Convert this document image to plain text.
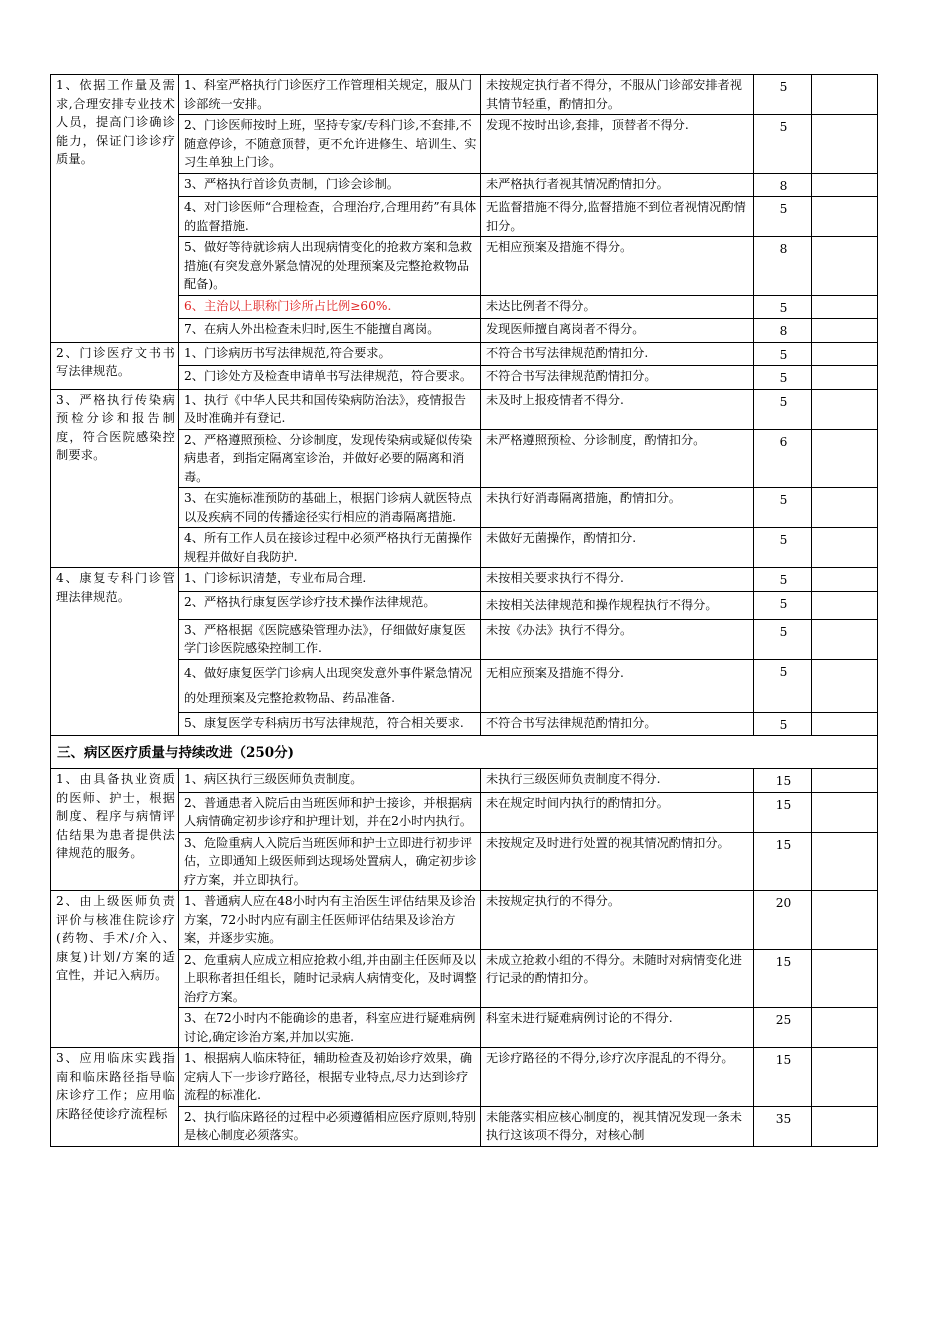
1、依据工作量及需求,合理安排专业技术人员，提高门诊确诊能力，保证门诊诊疗质量。	1、科室严格执行门诊医疗工作管理相关规定，服从门诊部统一安排。	未按规定执行者不得分，不服从门诊部安排者视其情节轻重，酌情扣分。	5	
	2、门诊医师按时上班，坚持专家/专科门诊,不套排,不随意停诊，不随意顶替，更不允许进修生、培训生、实习生单独上门诊。	发现不按时出诊,套排，顶替者不得分.	5	
	3、严格执行首诊负责制，门诊会诊制。	未严格执行者视其情况酌情扣分。	8	
	4、对门诊医师“合理检查，合理治疗,合理用药”有具体的监督措施.	无监督措施不得分,监督措施不到位者视情况酌情扣分。	5	
	5、做好等待就诊病人出现病情变化的抢救方案和急救措施(有突发意外紧急情况的处理预案及完整抢救物品配备)。	无相应预案及措施不得分。	8	
	6、主治以上职称门诊所占比例≥60%.	未达比例者不得分。	5	
	7、在病人外出检查未归时,医生不能擅自离岗。	发现医师擅自离岗者不得分。	8	
2、门诊医疗文书书写法律规范。	1、门诊病历书写法律规范,符合要求。	不符合书写法律规范酌情扣分.	5	
	2、门诊处方及检查申请单书写法律规范，符合要求。	不符合书写法律规范酌情扣分。	5	
3、严格执行传染病预检分诊和报告制度，符合医院感染控制要求。	1、执行《中华人民共和国传染病防治法》，疫情报告及时准确并有登记.	未及时上报疫情者不得分.	5	
	2、严格遵照预检、分诊制度，发现传染病或疑似传染病患者，到指定隔离室诊治，并做好必要的隔离和消毒。	未严格遵照预检、分诊制度，酌情扣分。	6	
	3、在实施标准预防的基础上，根据门诊病人就医特点以及疾病不同的传播途径实行相应的消毒隔离措施.	未执行好消毒隔离措施，酌情扣分。	5	
	4、所有工作人员在接诊过程中必须严格执行无菌操作规程并做好自我防护.	未做好无菌操作，酌情扣分.	5	
4、康复专科门诊管理法律规范。	1、门诊标识清楚，专业布局合理.	未按相关要求执行不得分.	5	
	2、严格执行康复医学诊疗技术操作法律规范。	未按相关法律规范和操作规程执行不得分。	5	
	3、严格根据《医院感染管理办法》，仔细做好康复医学门诊医院感染控制工作.	未按《办法》执行不得分。	5	
	4、做好康复医学门诊病人出现突发意外事件紧急情况的处理预案及完整抢救物品、药品准备.	无相应预案及措施不得分.	5	
	5、康复医学专科病历书写法律规范，符合相关要求.	不符合书写法律规范酌情扣分。	5	
三、病区医疗质量与持续改进（250分)				
1、由具备执业资质的医师、护士，根据制度、程序与病情评估结果为患者提供法律规范的服务。	1、病区执行三级医师负责制度。	未执行三级医师负责制度不得分.	15	
	2、普通患者入院后由当班医师和护士接诊，并根据病人病情确定初步诊疗和护理计划，并在2小时内执行。	未在规定时间内执行的酌情扣分。	15	
	3、危险重病人入院后当班医师和护士立即进行初步评估，立即通知上级医师到达现场处置病人，确定初步诊疗方案，并立即执行。	未按规定及时进行处置的视其情况酌情扣分。	15	
2、由上级医师负责评价与核准住院诊疗(药物、手术/介入、康复)计划/方案的适宜性，并记入病历。	1、普通病人应在48小时内有主治医生评估结果及诊治方案，72小时内应有副主任医师评估结果及诊治方案，并逐步实施。	未按规定执行的不得分。	20	
	2、危重病人应成立相应抢救小组,并由副主任医师及以上职称者担任组长，随时记录病人病情变化，及时调整治疗方案。	未成立抢救小组的不得分。未随时对病情变化进行记录的酌情扣分。	15	
	3、在72小时内不能确诊的患者，科室应进行疑难病例讨论,确定诊治方案,并加以实施.	科室未进行疑难病例讨论的不得分.	25	
3、应用临床实践指南和临床路径指导临床诊疗工作；应用临床路径使诊疗流程标	1、根据病人临床特征，辅助检查及初始诊疗效果，确定病人下一步诊疗路径，根据专业特点,尽力达到诊疗流程的标准化.	无诊疗路径的不得分,诊疗次序混乱的不得分。	15	
	2、执行临床路径的过程中必须遵循相应医疗原则,特别是核心制度必须落实。	未能落实相应核心制度的，视其情况发现一条未执行这该项不得分，对核心制	35	
